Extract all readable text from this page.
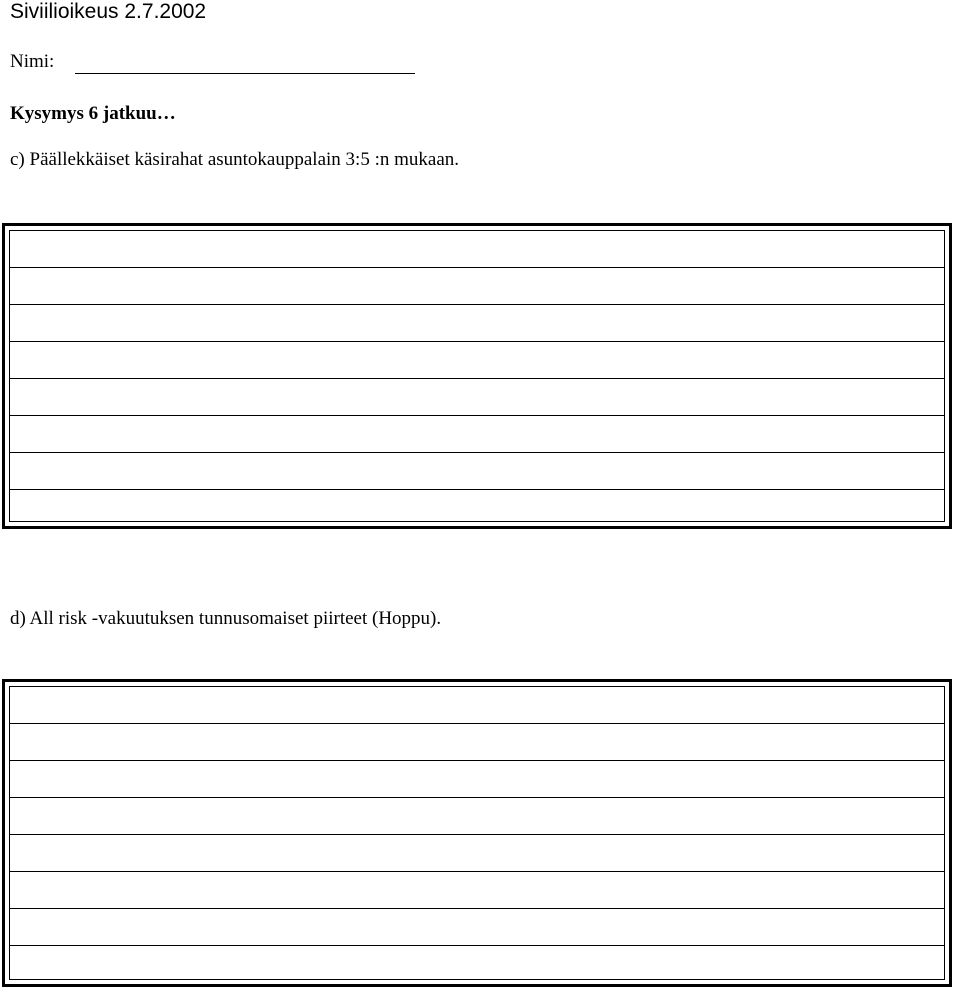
Siviilioikeus 2.7.2002
Nimi:
Kysymys 6 jatkuu…
c) Päällekkäiset käsirahat asuntokauppalain 3:5 :n mukaan.
d) All risk -vakuutuksen tunnusomaiset piirteet (Hoppu).
